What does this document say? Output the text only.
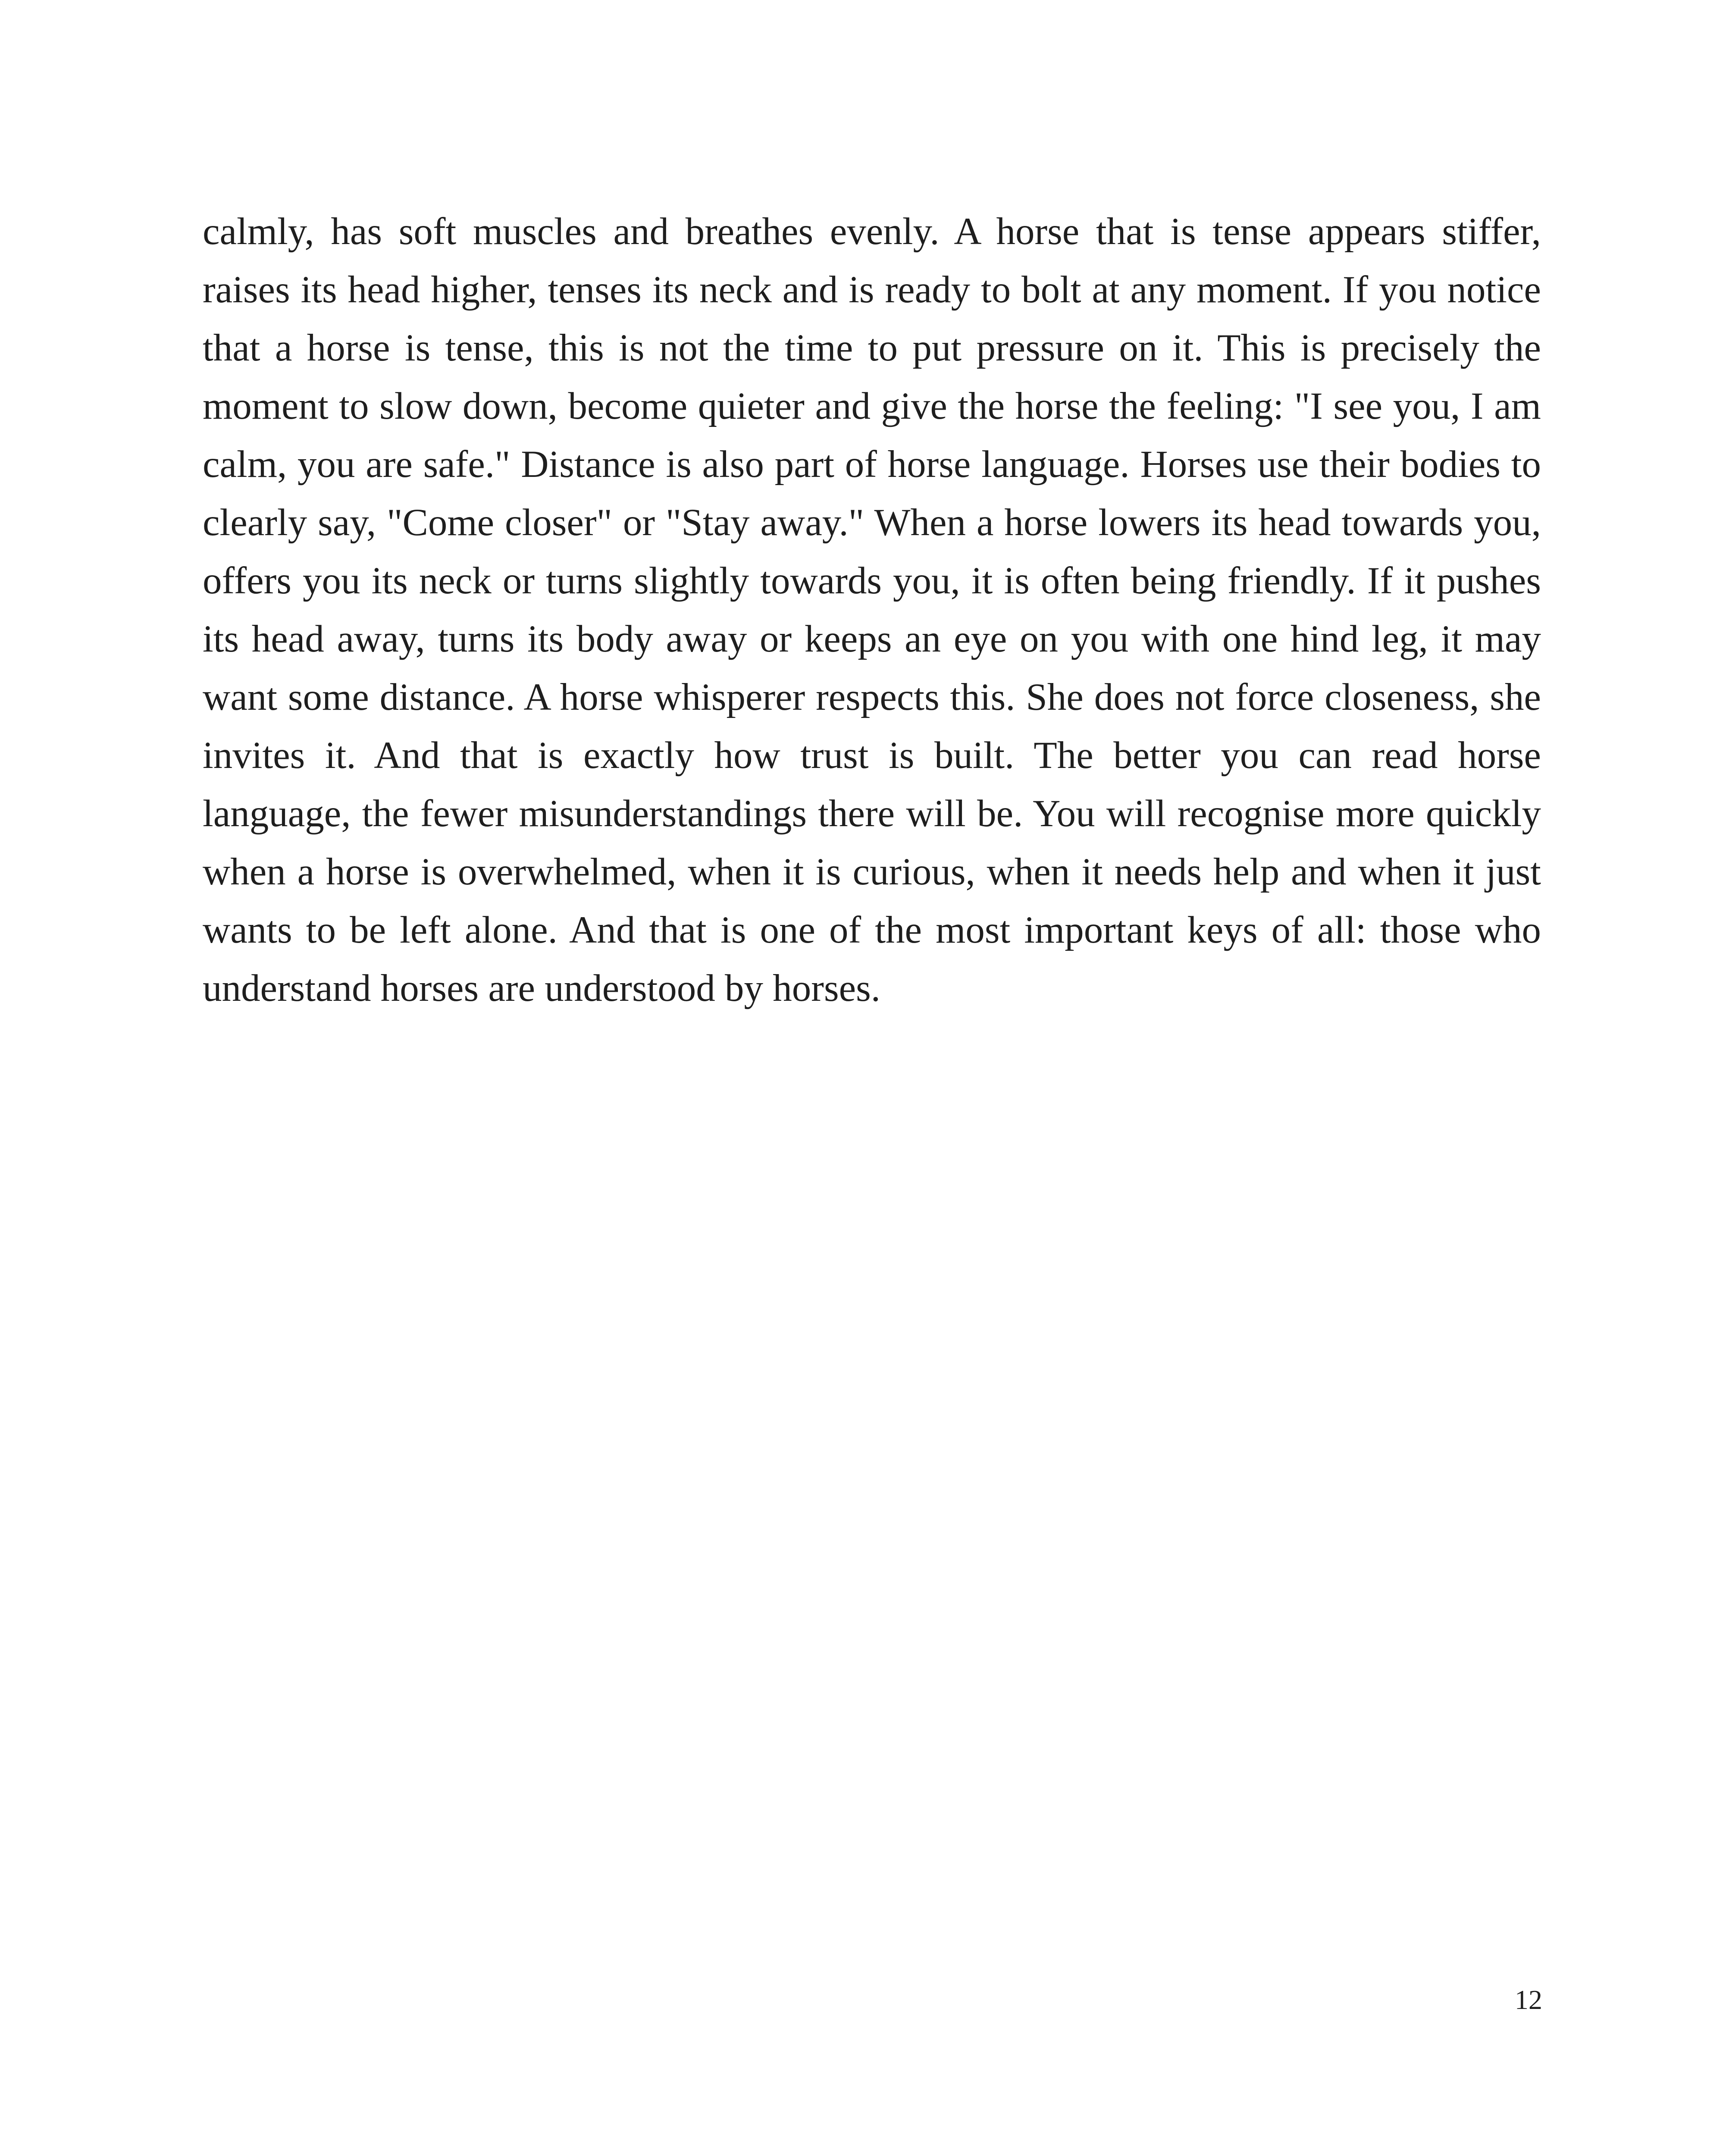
calmly, has soft muscles and breathes evenly. A horse that is tense appears stiffer, raises its head higher, tenses its neck and is ready to bolt at any moment. If you notice that a horse is tense, this is not the time to put pressure on it. This is precisely the moment to slow down, become quieter and give the horse the feeling: "I see you, I am calm, you are safe." Distance is also part of horse language. Horses use their bodies to clearly say, "Come closer" or "Stay away." When a horse lowers its head towards you, offers you its neck or turns slightly towards you, it is often being friendly. If it pushes its head away, turns its body away or keeps an eye on you with one hind leg, it may want some distance. A horse whisperer respects this. She does not force closeness, she invites it. And that is exactly how trust is built. The better you can read horse language, the fewer misunderstandings there will be. You will recognise more quickly when a horse is overwhelmed, when it is curious, when it needs help and when it just wants to be left alone. And that is one of the most important keys of all: those who understand horses are understood by horses.

12
